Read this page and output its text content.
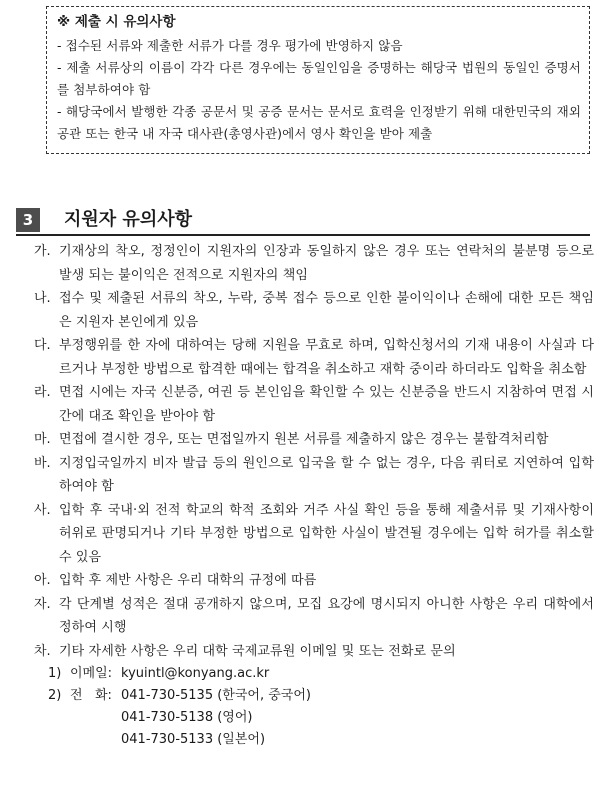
※ 제출 시 유의사항
- 접수된 서류와 제출한 서류가 다를 경우 평가에 반영하지 않음
- 제출 서류상의 이름이 각각 다른 경우에는 동일인임을 증명하는 해당국 법원의 동일인 증명서를 첨부하여야 함
- 해당국에서 발행한 각종 공문서 및 공증 문서는 문서로 효력을 인정받기 위해 대한민국의 재외공관 또는 한국 내 자국 대사관(총영사관)에서 영사 확인을 받아 제출
3	지원자 유의사항
가. 기재상의 착오, 정정인이 지원자의 인장과 동일하지 않은 경우 또는 연락처의 불분명 등으로 발생 되는 불이익은 전적으로 지원자의 책임
나. 접수 및 제출된 서류의 착오, 누락, 중복 접수 등으로 인한 불이익이나 손해에 대한 모든 책임은 지원자 본인에게 있음
다. 부정행위를 한 자에 대하여는 당해 지원을 무효로 하며, 입학신청서의 기재 내용이 사실과 다르거나 부정한 방법으로 합격한 때에는 합격을 취소하고 재학 중이라 하더라도 입학을 취소함
라. 면접 시에는 자국 신분증, 여권 등 본인임을 확인할 수 있는 신분증을 반드시 지참하여 면접 시간에 대조 확인을 받아야 함
마. 면접에 결시한 경우, 또는 면접일까지 원본 서류를 제출하지 않은 경우는 불합격처리함
바. 지정입국일까지 비자 발급 등의 원인으로 입국을 할 수 없는 경우, 다음 쿼터로 지연하여 입학하여야 함
사. 입학 후 국내·외 전적 학교의 학적 조회와 거주 사실 확인 등을 통해 제출서류 및 기재사항이 허위로 판명되거나 기타 부정한 방법으로 입학한 사실이 발견될 경우에는 입학 허가를 취소할 수 있음
아. 입학 후 제반 사항은 우리 대학의 규정에 따름
자. 각 단계별 성적은 절대 공개하지 않으며, 모집 요강에 명시되지 아니한 사항은 우리 대학에서 정하여 시행
차. 기타 자세한 사항은 우리 대학 국제교류원 이메일 및 또는 전화로 문의
1) 이메일: kyuintl@konyang.ac.kr
2) 전   화: 041-730-5135 (한국어, 중국어)
041-730-5138 (영어)
041-730-5133 (일본어)
